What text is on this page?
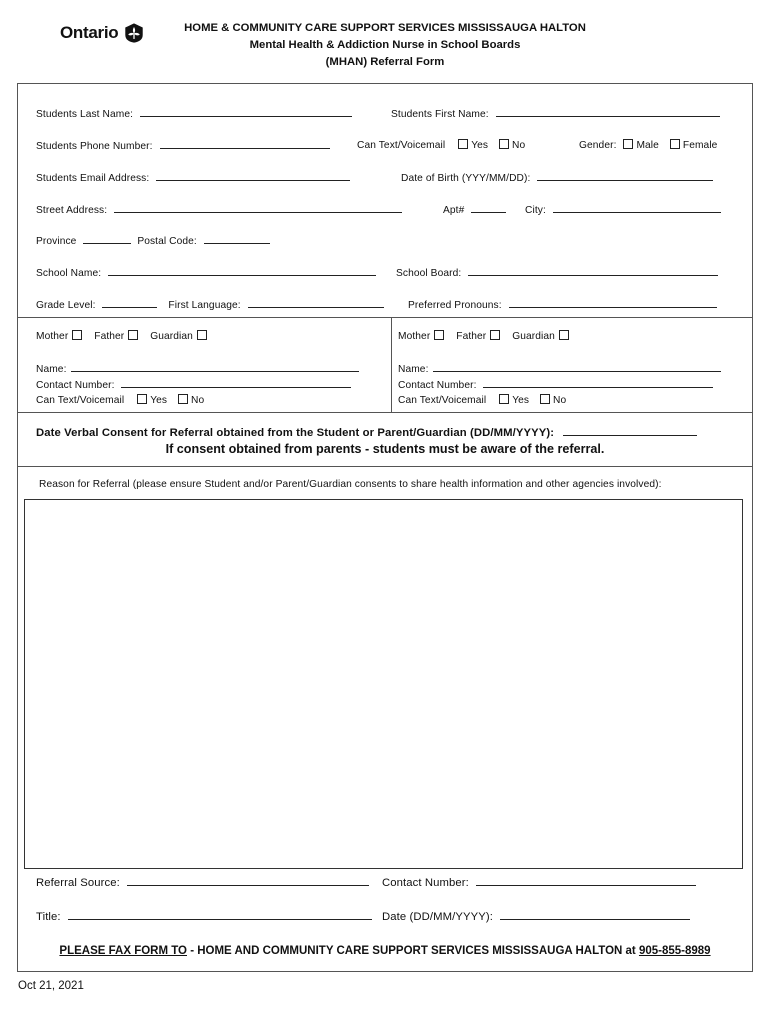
Ontario	HOME & COMMUNITY CARE SUPPORT SERVICES MISSISSAUGA HALTON
Mental Health & Addiction Nurse in School Boards
(MHAN) Referral Form
Students Last Name:	Students First Name:
Students Phone Number:	Can Text/Voicemail	Yes No	Gender: Male Female
Students Email Address:	Date of Birth (YYY/MM/DD):
Street Address:	Apt#	City:
Province	Postal Code:
School Name:	School Board:
Grade Level:	First Language:	Preferred Pronouns:
Mother	Father	Guardian
Name:
Contact Number:
Can Text/Voicemail	Yes No
Mother	Father	Guardian
Name:
Contact Number:
Can Text/Voicemail	Yes No
Date Verbal Consent for Referral obtained from the Student or Parent/Guardian (DD/MM/YYYY):
If consent obtained from parents - students must be aware of the referral.
Reason for Referral (please ensure Student and/or Parent/Guardian consents to share health information and other agencies involved):
Referral Source:	Contact Number:
Title:	Date (DD/MM/YYYY):
PLEASE FAX FORM TO - HOME AND COMMUNITY CARE SUPPORT SERVICES MISSISSAUGA HALTON at 905-855-8989
Oct 21, 2021
